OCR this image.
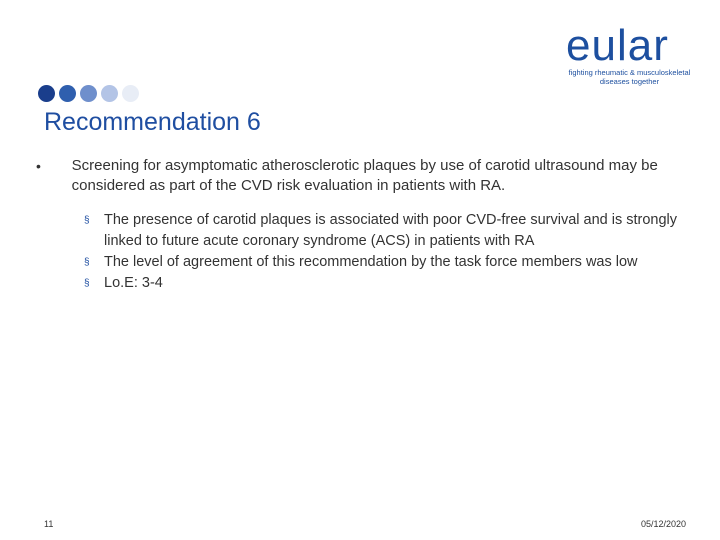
eular
fighting rheumatic & musculoskeletal
diseases together
Recommendation 6
•	Screening for asymptomatic atherosclerotic plaques by use of carotid ultrasound may be considered as part of the CVD risk evaluation in patients with RA.
§ The presence of carotid plaques is associated with poor CVD-free survival and is strongly linked to future acute coronary syndrome (ACS) in patients with RA
§ The level of agreement of this recommendation by the task force members was low
§ Lo.E: 3-4
11	05/12/2020
